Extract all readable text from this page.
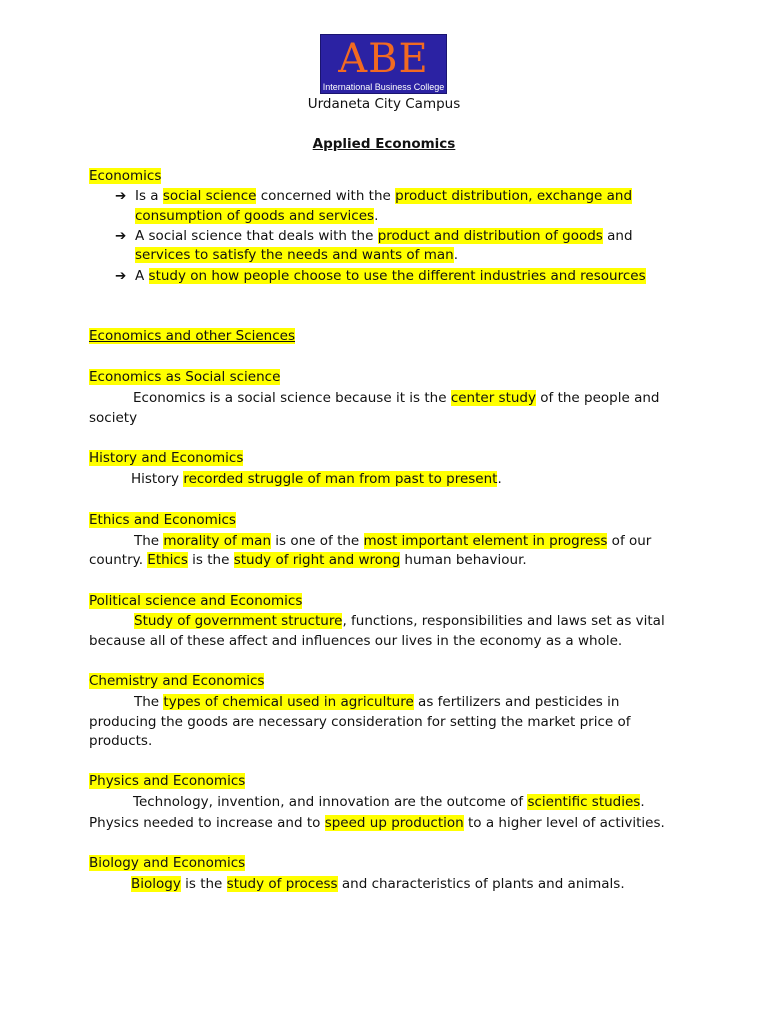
ABE
International Business College
Urdaneta City Campus
Applied Economics
Economics
Is a social science concerned with the product distribution, exchange and
➔
consumption of goods and services.
A social science that deals with the product and distribution of goods and
➔
services to satisfy the needs and wants of man.
A study on how people choose to use the different industries and resources
➔
Economics and other Sciences
Economics as Social science
Economics is a social science because it is the center study of the people and
society
History and Economics
History recorded struggle of man from past to present.
Ethics and Economics
The morality of man is one of the most important element in progress of our
country. Ethics is the study of right and wrong human behaviour.
Political science and Economics
Study of government structure, functions, responsibilities and laws set as vital
because all of these affect and influences our lives in the economy as a whole.
Chemistry and Economics
The types of chemical used in agriculture as fertilizers and pesticides in
producing the goods are necessary consideration for setting the market price of
products.
Physics and Economics
Technology, invention, and innovation are the outcome of scientific studies.
Physics needed to increase and to speed up production to a higher level of activities.
Biology and Economics
Biology is the study of process and characteristics of plants and animals.
